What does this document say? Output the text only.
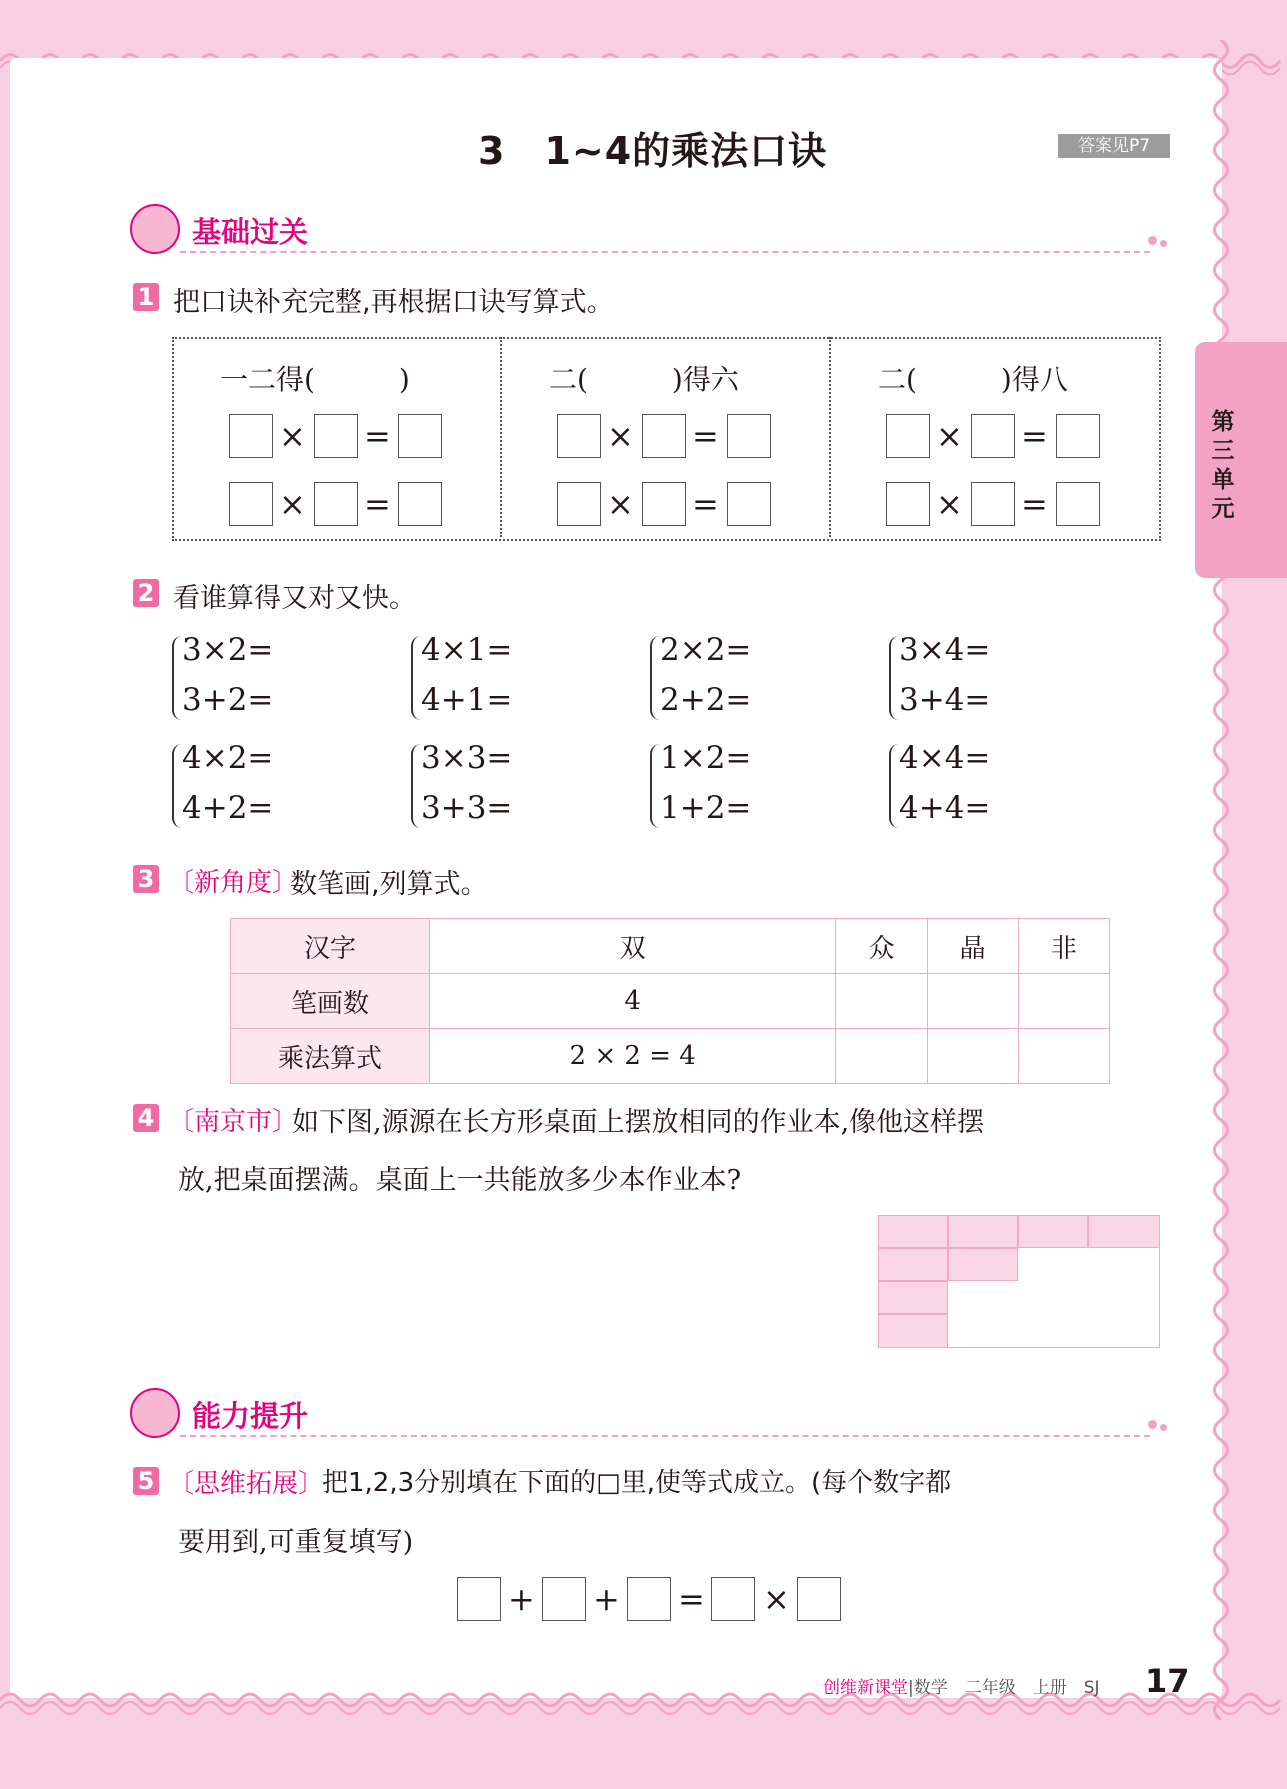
第
三
单
元
3　1~4的乘法口诀	答案见P7
基础过关
1 把口诀补充完整,再根据口诀写算式。
一二得(　　　)	二(　　　)得六	二(　　　)得八
× =
× =
× =
× =
× =
× =
2 看谁算得又对又快。
3×2=
3+2=
4×1=
4+1=
2×2=
2+2=
3×4=
3+4=
4×2=
4+2=
3×3=
3+3=
1×2=
1+2=
4×4=
4+4=
3 〔新角度〕
数笔画,列算式。
汉字	双	众	晶	非
笔画数	4			
乘法算式	2 × 2 = 4			
4 〔南京市〕
如下图,源源在长方形桌面上摆放相同的作业本,像他这样摆
放,把桌面摆满。桌面上一共能放多少本作业本?
能力提升
5 〔思维拓展〕
把1,2,3分别填在下面的□里,使等式成立。(每个数字都
要用到,可重复填写)
+ + = ×
创维新课堂|数学　二年级　上册　SJ 17
